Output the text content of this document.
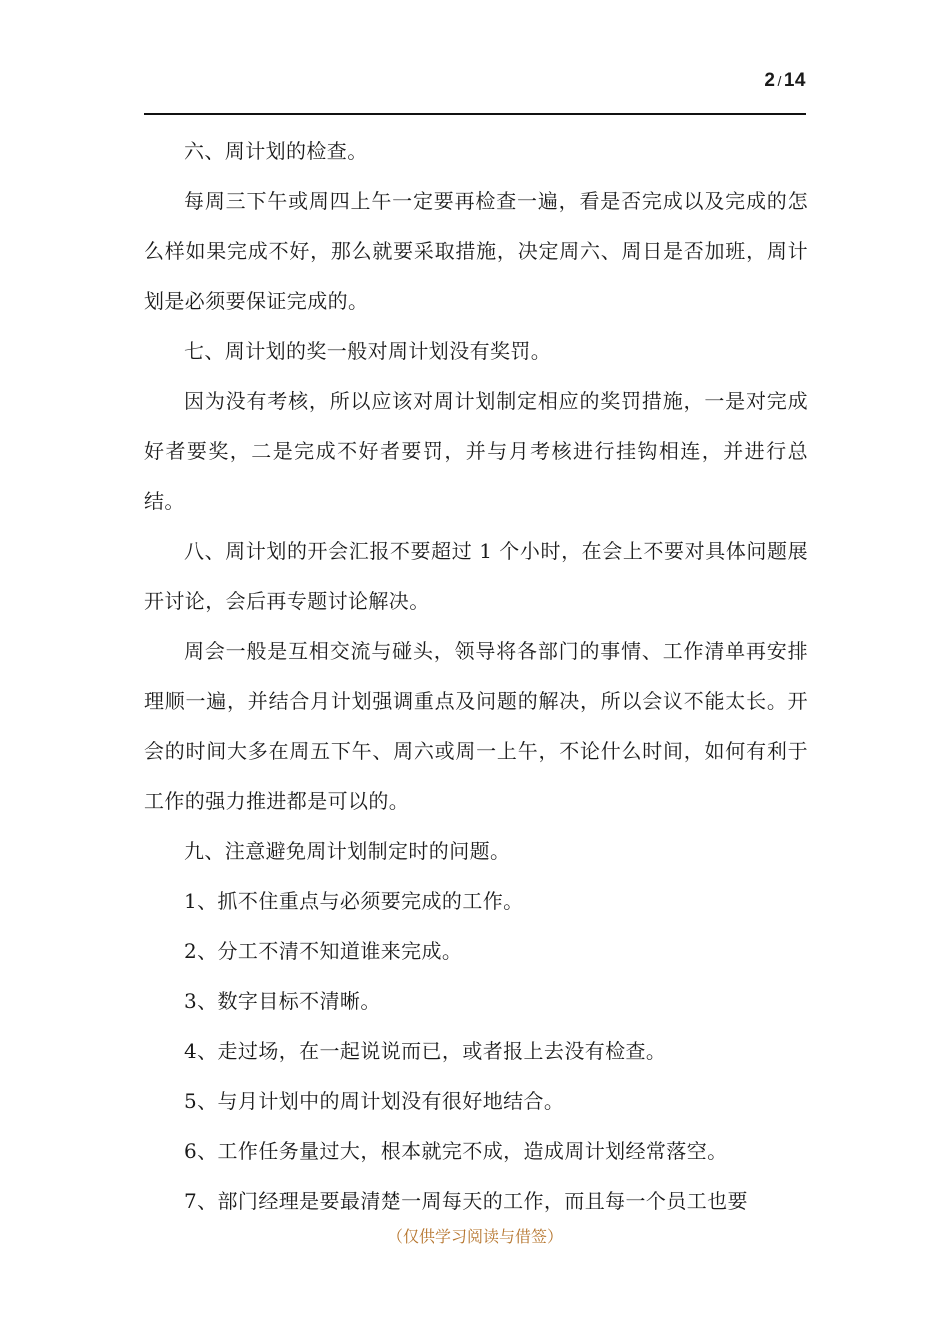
2 / 14

六、周计划的检查。

每周三下午或周四上午一定要再检查一遍，看是否完成以及完成的怎么样如果完成不好，那么就要采取措施，决定周六、周日是否加班，周计划是必须要保证完成的。

七、周计划的奖一般对周计划没有奖罚。

因为没有考核，所以应该对周计划制定相应的奖罚措施，一是对完成好者要奖，二是完成不好者要罚，并与月考核进行挂钩相连，并进行总结。

八、周计划的开会汇报不要超过 1 个小时，在会上不要对具体问题展开讨论，会后再专题讨论解决。

周会一般是互相交流与碰头，领导将各部门的事情、工作清单再安排理顺一遍，并结合月计划强调重点及问题的解决，所以会议不能太长。开会的时间大多在周五下午、周六或周一上午，不论什么时间，如何有利于工作的强力推进都是可以的。

九、注意避免周计划制定时的问题。

1、抓不住重点与必须要完成的工作。

2、分工不清不知道谁来完成。

3、数字目标不清晰。

4、走过场，在一起说说而已，或者报上去没有检查。

5、与月计划中的周计划没有很好地结合。

6、工作任务量过大，根本就完不成，造成周计划经常落空。

7、部门经理是要最清楚一周每天的工作，而且每一个员工也要

（仅供学习阅读与借签）
